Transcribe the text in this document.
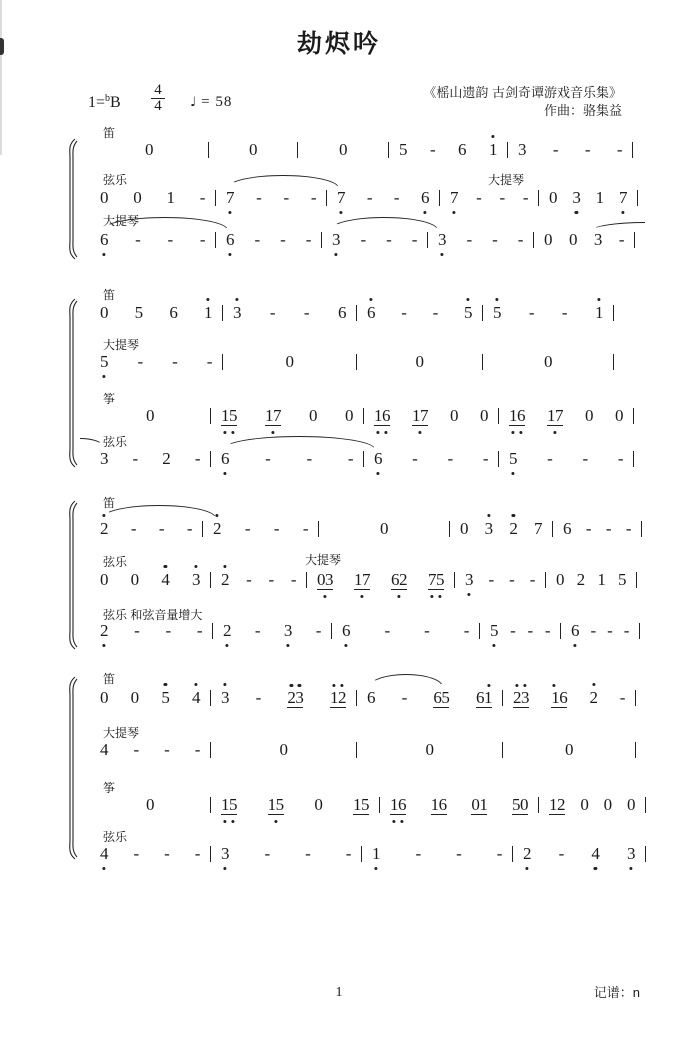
劫烬吟
1=$^b$B
4
4	♩ = 58
《榣山遗韵 古剑奇谭游戏音乐集》
作曲：骆集益
笛
0	0	0	5 - 6 1 3 - - -
弦乐	大提琴
0 0 1 - 7 - - - 7 - - 6 7 - - - 0 3 1 7
大提琴
6 - - - 6 - - - 3 - - - 3 - - - 0 0 3 -
笛
0 5 6 1 3 - - 6 6 - - 5 5 - - 1
大提琴
5 - - -	0	0	0
筝
0	15 17 0 0 16 17 0 0 16 17 0 0
弦乐
3 - 2 - 6 - - - 6 - - - 5 - - -
笛
2 - - - 2 - - -	0	0 3 2 7 6 - - -
弦乐	大提琴
0 0 4 3 2 - - - 03 17 62 75 3 - - - 0 2 1 5
弦乐 和弦音量增大
2 - - - 2 - 3 - 6 - - - 5 - - - 6 - - -
笛
0 0 5 4 3 - 23 12 6 - 65 61 23 16 2 -
大提琴
4 - - -	0	0	0
筝
0	15 15 0 15 16 16 01 50 12 0 0 0
弦乐
4 - - - 3 - - - 1 - - - 2 - 4 3
1	记谱：n
